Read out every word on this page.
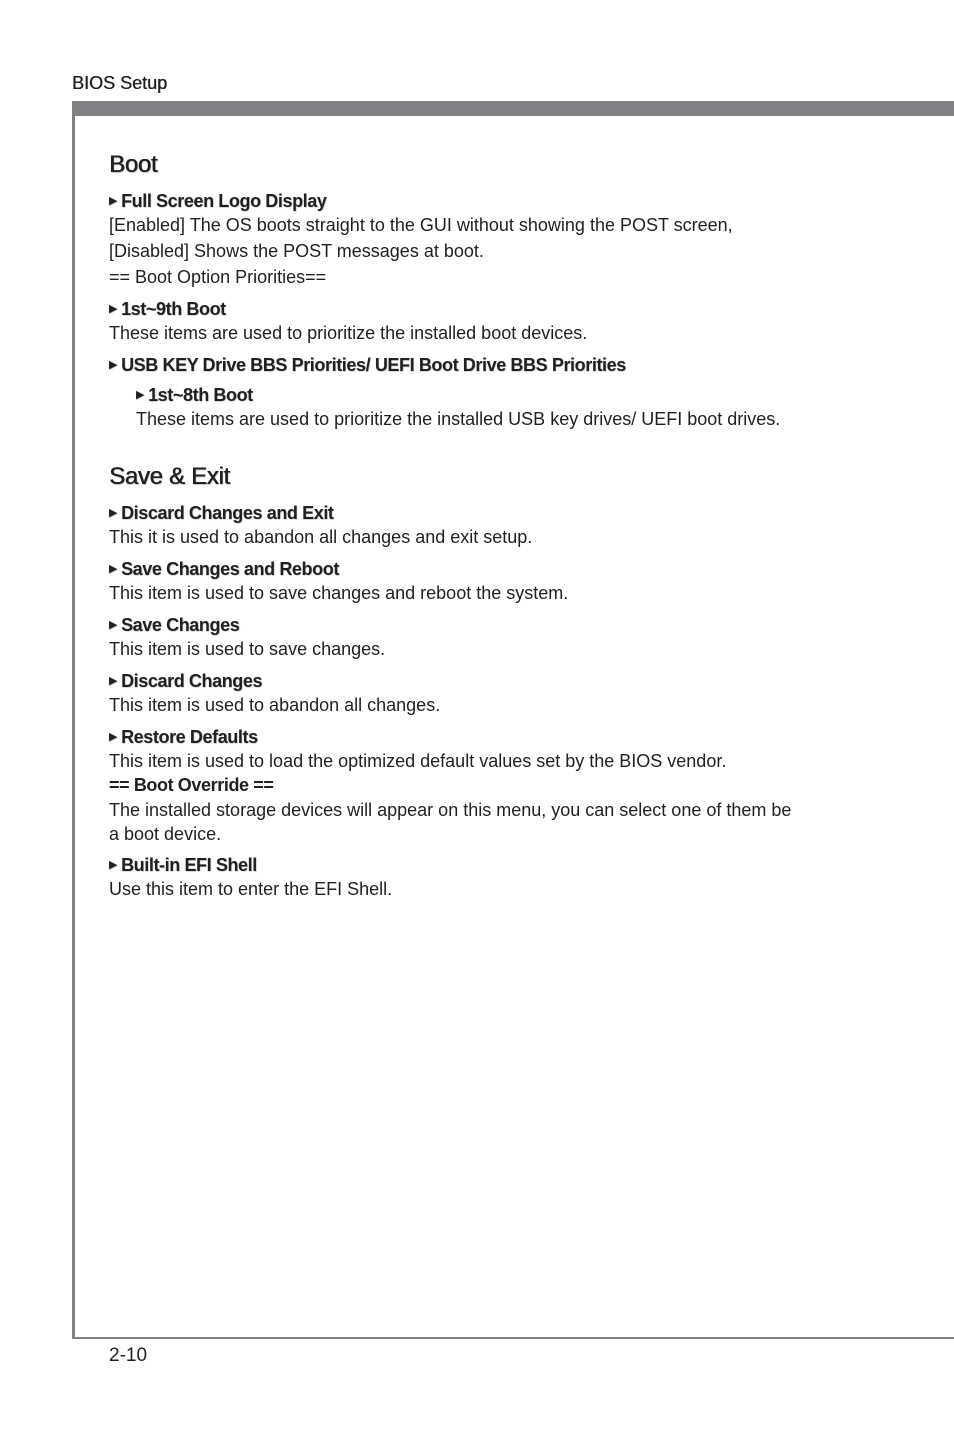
BIOS Setup
2-10
Boot

▶ Full Screen Logo Display

[Enabled] The OS boots straight to the GUI without showing the POST screen,

[Disabled] Shows the POST messages at boot.

== Boot Option Priorities==

▶ 1st~9th Boot

These items are used to prioritize the installed boot devices.

▶ USB KEY Drive BBS Priorities/ UEFI Boot Drive BBS Priorities

▶ 1st~8th Boot

These items are used to prioritize the installed USB key drives/ UEFI boot drives.

Save & Exit

▶ Discard Changes and Exit

This it is used to abandon all changes and exit setup.

▶ Save Changes and Reboot

This item is used to save changes and reboot the system.

▶ Save Changes

This item is used to save changes.

▶ Discard Changes

This item is used to abandon all changes.

▶ Restore Defaults

This item is used to load the optimized default values set by the BIOS vendor.

== Boot Override ==

The installed storage devices will appear on this menu, you can select one of them be

a boot device.

▶ Built-in EFI Shell

Use this item to enter the EFI Shell.
